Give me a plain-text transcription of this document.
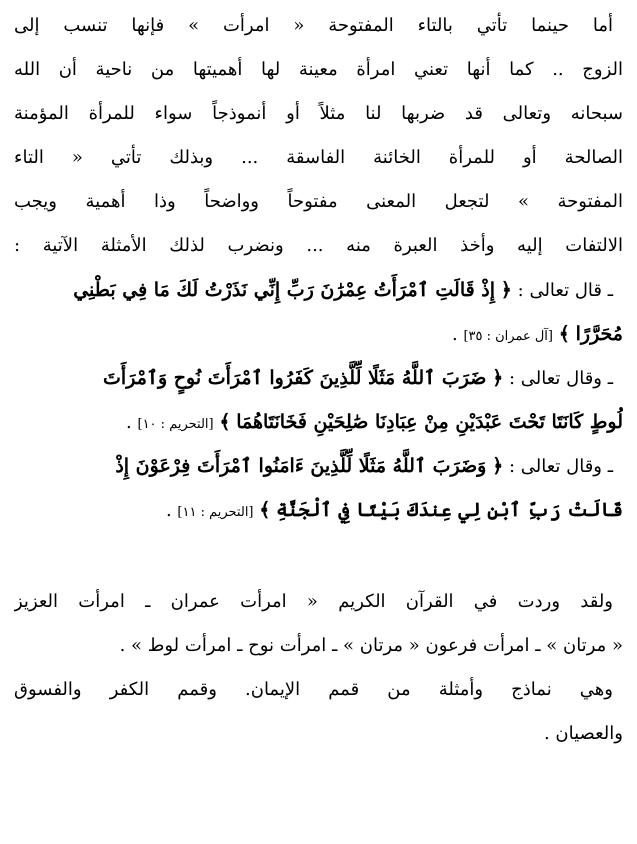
أما حينما تأتي بالتاء المفتوحة « امرأت » فإنها تنسب إلى
الزوج .. كما أنها تعني امرأة معينة لها أهميتها من ناحية أن الله
سبحانه وتعالى قد ضربها لنا مثلاً أو أنموذجاً سواء للمرأة المؤمنة
الصالحة أو للمرأة الخائنة الفاسقة ... وبذلك تأتي « التاء
المفتوحة » لتجعل المعنى مفتوحاً وواضحاً وذا أهمية ويجب
الالتفات إليه وأخذ العبرة منه ... ونضرب لذلك الأمثلة الآتية :
ـ قال تعالى : ﴿ إِذْ قَالَتِ ٱمْرَأَتُ عِمْرَٰنَ رَبِّ إِنِّي نَذَرْتُ لَكَ مَا فِي بَطْنِي
مُحَرَّرًا ﴾ [آل عمران : ٣٥] .
ـ وقال تعالى : ﴿ ضَرَبَ ٱللَّهُ مَثَلًا لِّلَّذِينَ كَفَرُوا ٱمْرَأَتَ نُوحٍ وَٱمْرَأَتَ
لُوطٍ كَانَتَا تَحْتَ عَبْدَيْنِ مِنْ عِبَادِنَا صَٰلِحَيْنِ فَخَانَتَاهُمَا ﴾ [التحريم : ١٠] .
ـ وقال تعالى : ﴿ وَضَرَبَ ٱللَّهُ مَثَلًا لِّلَّذِينَ ءَامَنُوا ٱمْرَأَتَ فِرْعَوْنَ إِذْ
قَالَتْ رَبِّ ٱبْنِ لِي عِندَكَ بَيْتًا فِي ٱلْجَنَّةِ ﴾ [التحريم : ١١] .
ولقد وردت في القرآن الكريم « امرأت عمران ـ امرأت العزيز
« مرتان » ـ امرأت فرعون « مرتان » ـ امرأت نوح ـ امرأت لوط » .
وهي نماذج وأمثلة من قمم الإيمان. وقمم الكفر والفسوق
والعصيان .
